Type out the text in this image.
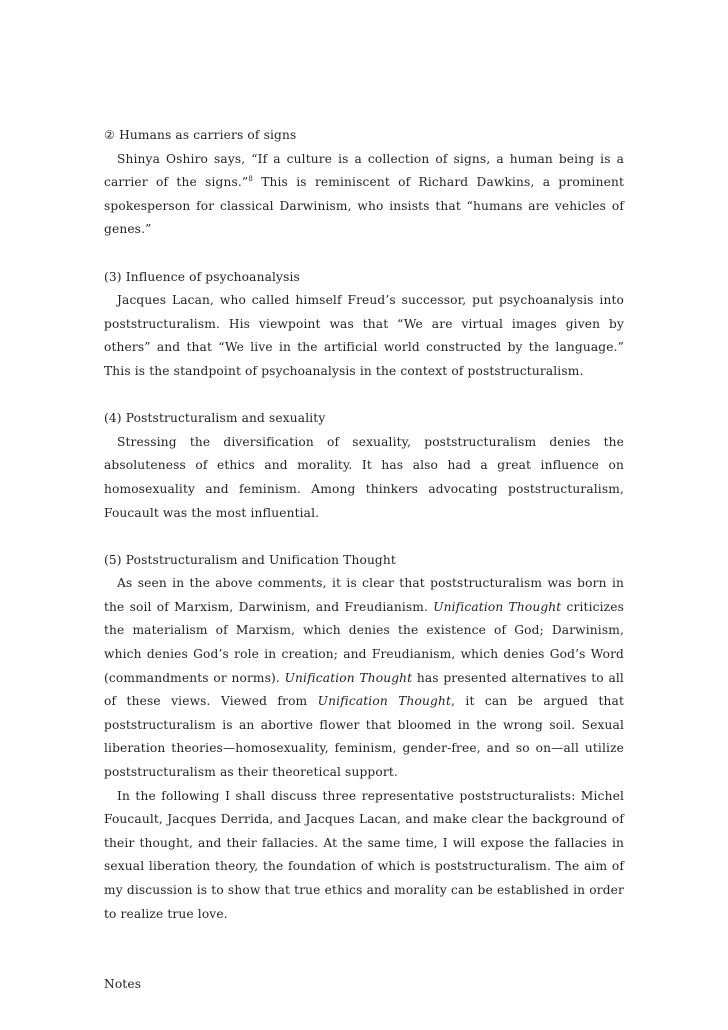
② Humans as carriers of signs

Shinya Oshiro says, “If a culture is a collection of signs, a human being is a carrier of the signs.”$^8$ This is reminiscent of Richard Dawkins, a prominent spokesperson for classical Darwinism, who insists that “humans are vehicles of genes.”

(3) Influence of psychoanalysis

Jacques Lacan, who called himself Freud’s successor, put psychoanalysis into poststructuralism. His viewpoint was that “We are virtual images given by others” and that “We live in the artificial world constructed by the language.” This is the standpoint of psychoanalysis in the context of poststructuralism.

(4) Poststructuralism and sexuality

Stressing the diversification of sexuality, poststructuralism denies the absoluteness of ethics and morality. It has also had a great influence on homosexuality and feminism. Among thinkers advocating poststructuralism, Foucault was the most influential.

(5) Poststructuralism and Unification Thought

As seen in the above comments, it is clear that poststructuralism was born in the soil of Marxism, Darwinism, and Freudianism. Unification Thought criticizes the materialism of Marxism, which denies the existence of God; Darwinism, which denies God’s role in creation; and Freudianism, which denies God’s Word (commandments or norms). Unification Thought has presented alternatives to all of these views. Viewed from Unification Thought, it can be argued that poststructuralism is an abortive flower that bloomed in the wrong soil. Sexual liberation theories—homosexuality, feminism, gender-free, and so on—all utilize poststructuralism as their theoretical support.

In the following I shall discuss three representative poststructuralists: Michel Foucault, Jacques Derrida, and Jacques Lacan, and make clear the background of their thought, and their fallacies. At the same time, I will expose the fallacies in sexual liberation theory, the foundation of which is poststructuralism. The aim of my discussion is to show that true ethics and morality can be established in order to realize true love.

Notes
